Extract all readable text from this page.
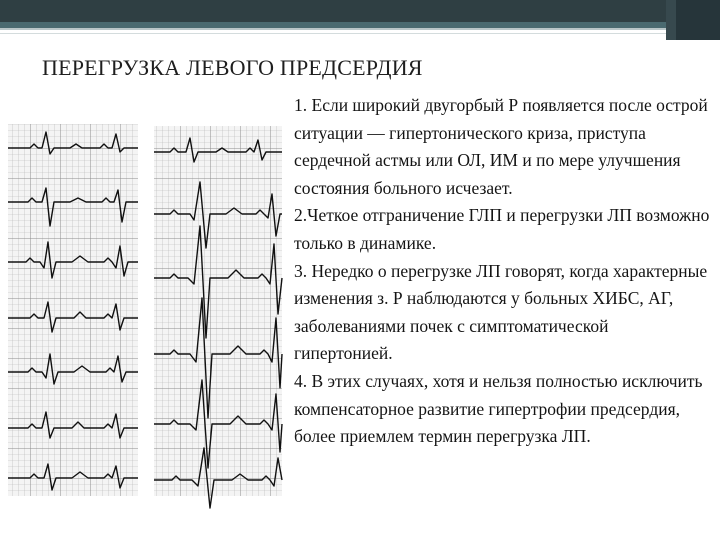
ПЕРЕГРУЗКА ЛЕВОГО ПРЕДСЕРДИЯ

1. Если широкий двугорбый Р появляется после острой ситуации — гипертонического криза, приступа сердечной астмы или ОЛ, ИМ и по мере улучшения состояния больного исчезает.

2.Четкое отграничение ГЛП и перегрузки ЛП возможно только в динамике.

3. Нередко о перегрузке ЛП говорят, когда характерные изменения з. Р наблюдаются у больных ХИБС, АГ, заболеваниями почек с симптоматической гипертонией.

4. В этих случаях, хотя и нельзя полностью исключить компенсаторное развитие гипертрофии предсердия, более приемлем термин перегрузка ЛП.
